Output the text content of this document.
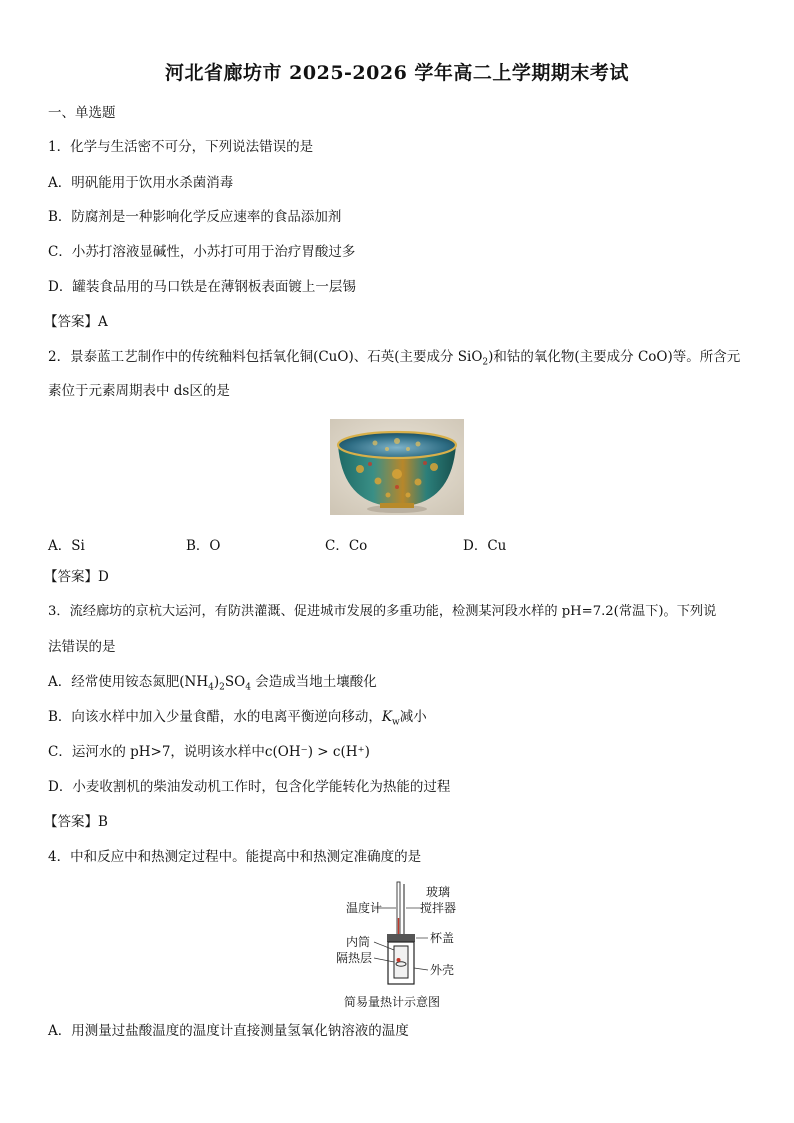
河北省廊坊市 2025-2026 学年高二上学期期末考试
一、单选题
1．化学与生活密不可分，下列说法错误的是
A．明矾能用于饮用水杀菌消毒
B．防腐剂是一种影响化学反应速率的食品添加剂
C．小苏打溶液显碱性，小苏打可用于治疗胃酸过多
D．罐装食品用的马口铁是在薄钢板表面镀上一层锡
【答案】A
2．景泰蓝工艺制作中的传统釉料包括氧化铜(CuO)、石英(主要成分 SiO$_2$)和钴的氧化物(主要成分 CoO)等。所含元
素位于元素周期表中 ds区的是
A．Si	B．O	C．Co	D．Cu
【答案】D
3．流经廊坊的京杭大运河，有防洪灌溉、促进城市发展的多重功能，检测某河段水样的 pH=7.2(常温下)。下列说
法错误的是
A．经常使用铵态氮肥$(NH_4)_2SO_4$ 会造成当地土壤酸化
B．向该水样中加入少量食醋，水的电离平衡逆向移动，$K_w$减小
C．运河水的 pH>7，说明该水样中c(OH⁻) > c(H⁺)
D．小麦收割机的柴油发动机工作时，包含化学能转化为热能的过程
【答案】B
4．中和反应中和热测定过程中。能提高中和热测定准确度的是
温度计
玻璃
搅拌器
内筒
隔热层
杯盖
外壳
简易量热计示意图
A．用测量过盐酸温度的温度计直接测量氢氧化钠溶液的温度
